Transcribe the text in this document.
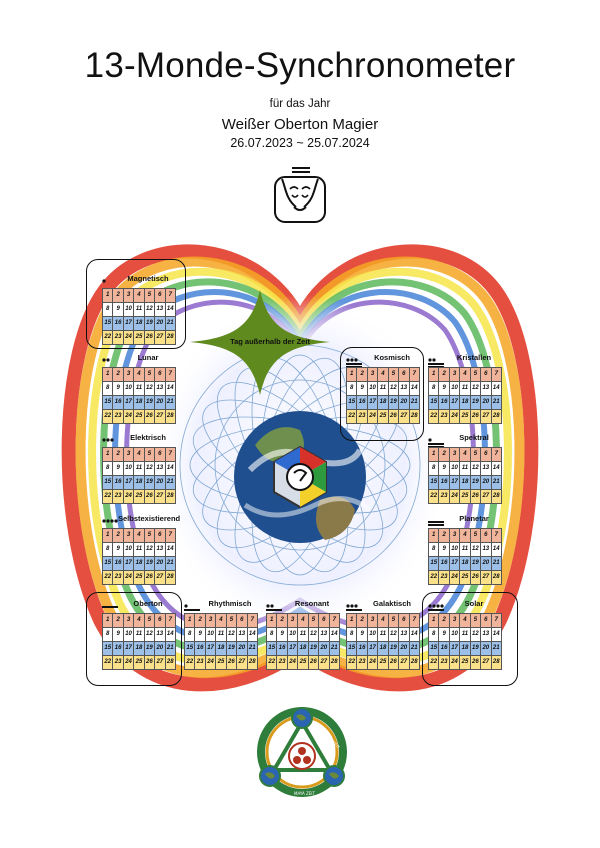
13-Monde-Synchronometer
für das Jahr
Weißer Oberton Magier
26.07.2023 ~ 25.07.2024
Tag außerhalb der Zeit
Magnetisch
1	2	3	4	5	6	7
8	9	10	11	12	13	14
15	16	17	18	19	20	21
22	23	24	25	26	27	28
Lunar
1	2	3	4	5	6	7
8	9	10	11	12	13	14
15	16	17	18	19	20	21
22	23	24	25	26	27	28
Elektrisch
1	2	3	4	5	6	7
8	9	10	11	12	13	14
15	16	17	18	19	20	21
22	23	24	25	26	27	28
Selbstexistierend
1	2	3	4	5	6	7
8	9	10	11	12	13	14
15	16	17	18	19	20	21
22	23	24	25	26	27	28
Oberton
1	2	3	4	5	6	7
8	9	10	11	12	13	14
15	16	17	18	19	20	21
22	23	24	25	26	27	28
Rhythmisch
1	2	3	4	5	6	7
8	9	10	11	12	13	14
15	16	17	18	19	20	21
22	23	24	25	26	27	28
Resonant
1	2	3	4	5	6	7
8	9	10	11	12	13	14
15	16	17	18	19	20	21
22	23	24	25	26	27	28
Galaktisch
1	2	3	4	5	6	7
8	9	10	11	12	13	14
15	16	17	18	19	20	21
22	23	24	25	26	27	28
Solar
1	2	3	4	5	6	7
8	9	10	11	12	13	14
15	16	17	18	19	20	21
22	23	24	25	26	27	28
Planetar
1	2	3	4	5	6	7
8	9	10	11	12	13	14
15	16	17	18	19	20	21
22	23	24	25	26	27	28
Spektral
1	2	3	4	5	6	7
8	9	10	11	12	13	14
15	16	17	18	19	20	21
22	23	24	25	26	27	28
Kristallen
1	2	3	4	5	6	7
8	9	10	11	12	13	14
15	16	17	18	19	20	21
22	23	24	25	26	27	28
Kosmisch
1	2	3	4	5	6	7
8	9	10	11	12	13	14
15	16	17	18	19	20	21
22	23	24	25	26	27	28
MAYA ZEIT	MAYA ZEIT
MAYA ZEIT
